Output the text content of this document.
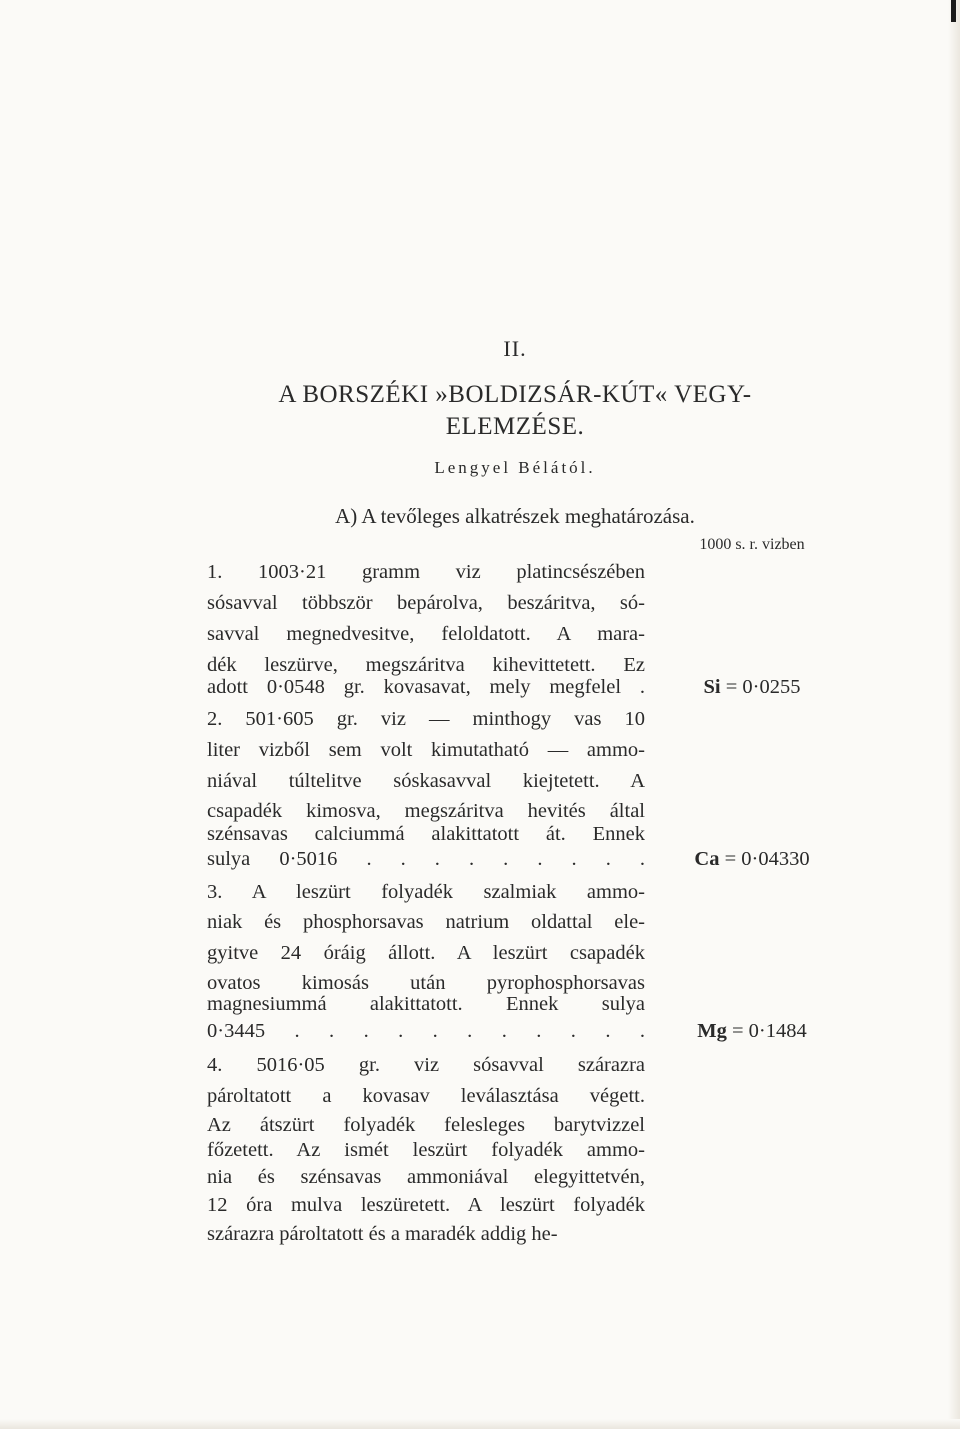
II.
A BORSZÉKI »BOLDIZSÁR-KÚT« VEGY-
ELEMZÉSE.
Lengyel Bélától.
A) A tevőleges alkatrészek meghatározása.
1000 s. r. vizben
1. 1003·21 gramm viz platincsészében
sósavval többször bepárolva, beszáritva, só-
savval megnedvesitve, feloldatott. A mara-
dék leszürve, megszáritva kihevittetett. Ez
adott 0·0548 gr. kovasavat, mely megfelel .
2. 501·605 gr. viz — minthogy vas 10
liter vizből sem volt kimutatható — ammo-
niával túltelitve sóskasavval kiejtetett. A
csapadék kimosva, megszáritva hevités által
szénsavas calciummá alakittatott át. Ennek
sulya 0·5016 . . . . . . . . .
3. A leszürt folyadék szalmiak ammo-
niak és phosphorsavas natrium oldattal ele-
gyitve 24 óráig állott. A leszürt csapadék
ovatos kimosás után pyrophosphorsavas
magnesiummá alakittatott. Ennek sulya
0·3445 . . . . . . . . . . .
4. 5016·05 gr. viz sósavval szárazra
pároltatott a kovasav leválasztása végett.
Az átszürt folyadék felesleges barytvizzel
főzetett. Az ismét leszürt folyadék ammo-
nia és szénsavas ammoniával elegyittetvén,
12 óra mulva leszüretett. A leszürt folyadék
szárazra pároltatott és a maradék addig he-
Si = 0·0255
Ca = 0·04330
Mg = 0·1484
